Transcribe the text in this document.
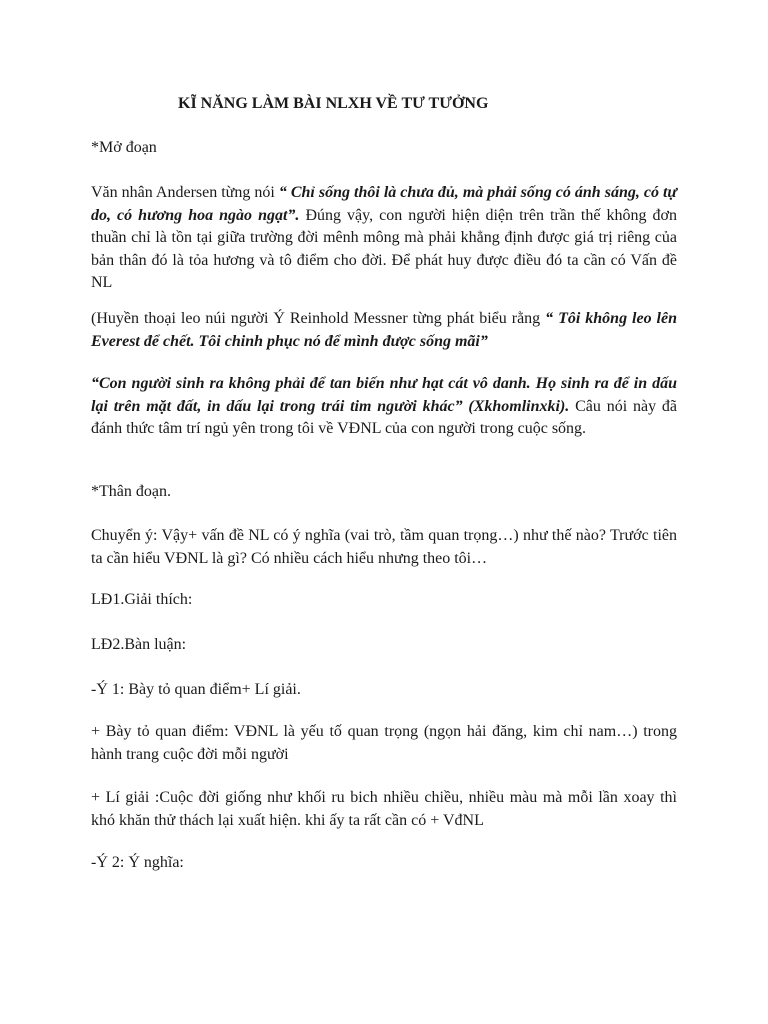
KĨ NĂNG LÀM BÀI NLXH VỀ TƯ TƯỞNG

*Mở đoạn

Văn nhân Andersen từng nói “ Chỉ sống thôi là chưa đủ, mà phải sống có ánh sáng, có tự do, có hương hoa ngào ngạt”. Đúng vậy, con người hiện diện trên trần thế không đơn thuần chỉ là tồn tại giữa trường đời mênh mông mà phải khẳng định được giá trị riêng của bản thân đó là tỏa hương và tô điểm cho đời. Để phát huy được điều đó ta cần có Vấn đề NL

(Huyền thoại leo núi người Ý Reinhold Messner từng phát biểu rằng “ Tôi không leo lên Everest để chết. Tôi chinh phục nó để mình được sống mãi”

“Con người sinh ra không phải để tan biến như hạt cát vô danh. Họ sinh ra để in dấu lại trên mặt đất, in dấu lại trong trái tim người khác” (Xkhomlinxki). Câu nói này đã đánh thức tâm trí ngủ yên trong tôi về VĐNL của con người trong cuộc sống.

*Thân đoạn.

Chuyển ý: Vậy+ vấn đề NL có ý nghĩa (vai trò, tầm quan trọng…) như thế nào? Trước tiên ta cần hiểu VĐNL là gì? Có nhiều cách hiểu nhưng theo tôi…

LĐ1.Giải thích:

LĐ2.Bàn luận:

-Ý 1: Bày tỏ quan điểm+ Lí giải.

+ Bày tỏ quan điểm: VĐNL là yếu tố quan trọng (ngọn hải đăng, kim chỉ nam…) trong hành trang cuộc đời mỗi người

+ Lí giải :Cuộc đời giống như khối ru bich nhiều chiều, nhiều màu mà mỗi lần xoay thì khó khăn thử thách lại xuất hiện. khi ấy ta rất cần có + VđNL

-Ý 2: Ý nghĩa:
